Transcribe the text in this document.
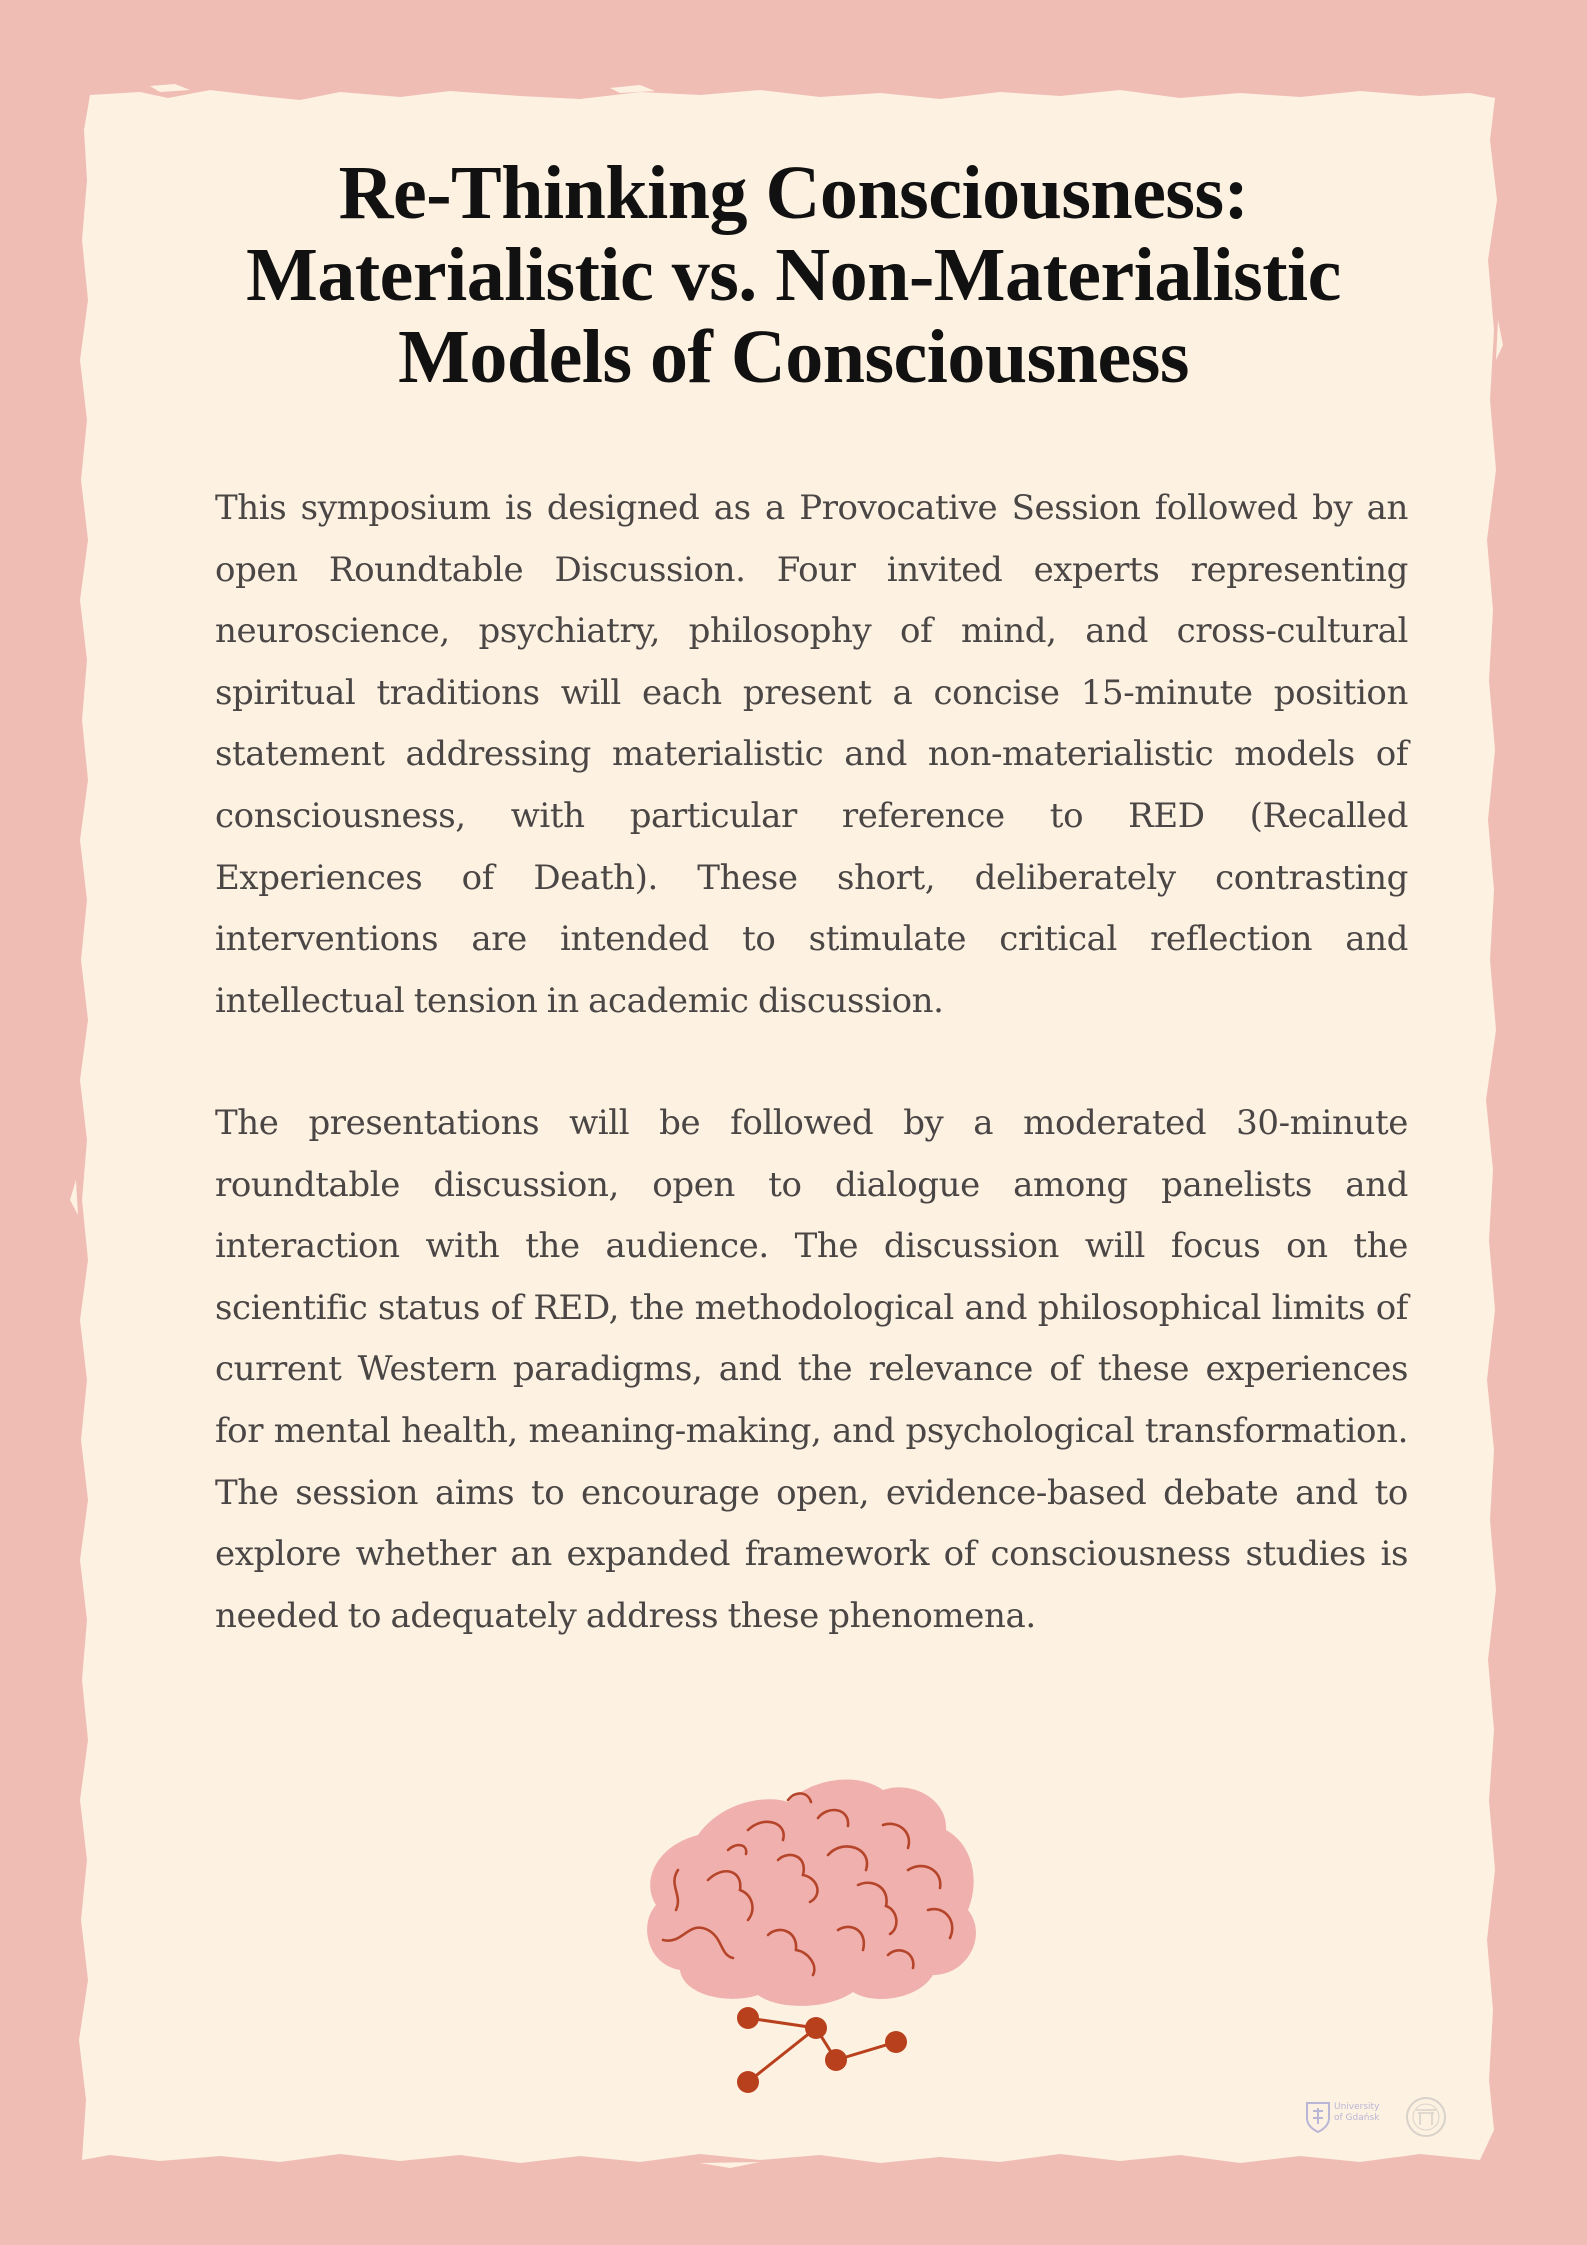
Re-Thinking Consciousness:
Materialistic vs. Non-Materialistic
Models of Consciousness

This symposium is designed as a Provocative Session followed by an open Roundtable Discussion. Four invited experts representing neuroscience, psychiatry, philosophy of mind, and cross-cultural spiritual traditions will each present a concise 15-minute position statement addressing materialistic and non-materialistic models of consciousness, with particular reference to RED (Recalled Experiences of Death). These short, deliberately contrasting interventions are intended to stimulate critical reflection and intellectual tension in academic discussion.

The presentations will be followed by a moderated 30-minute roundtable discussion, open to dialogue among panelists and interaction with the audience. The discussion will focus on the scientific status of RED, the methodological and philosophical limits of current Western paradigms, and the relevance of these experiences for mental health, meaning-making, and psychological transformation. The session aims to encourage open, evidence-based debate and to explore whether an expanded framework of consciousness studies is needed to adequately address these phenomena.

University
of Gdańsk
